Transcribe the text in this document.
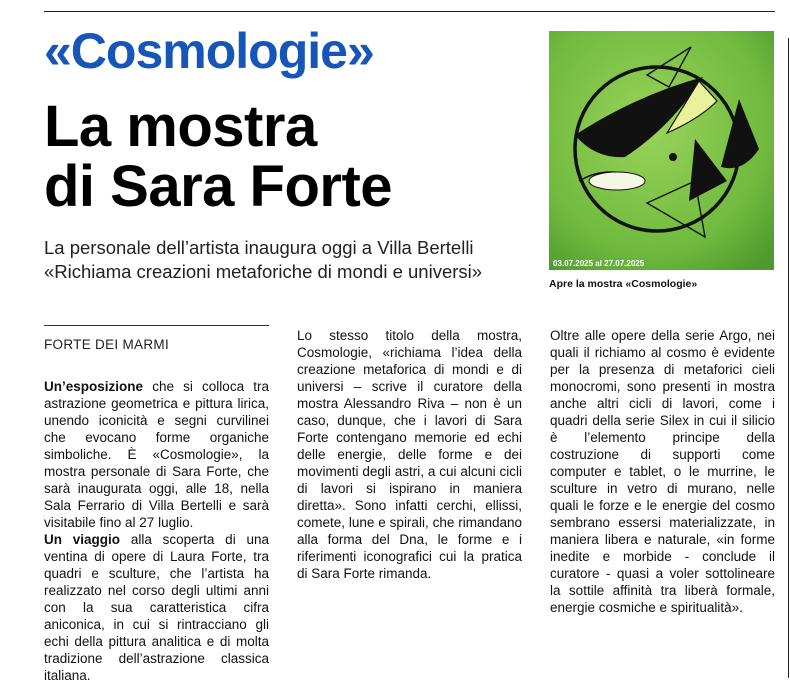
«Cosmologie»
La mostra
di Sara Forte
La personale dell’artista inaugura oggi a Villa Bertelli
«Richiama creazioni metaforiche di mondi e universi»	03.07.2025 al 27.07.2025
Apre la mostra «Cosmologie»
FORTE DEI MARMI

Un’esposizione che si colloca tra astrazione geometrica e pittura lirica, unendo iconicità e segni curvilinei che evocano forme organiche simboliche. È «Cosmologie», la mostra personale di Sara Forte, che sarà inaugurata oggi, alle 18, nella Sala Ferrario di Villa Bertelli e sarà visitabile fino al 27 luglio.

Un viaggio alla scoperta di una ventina di opere di Laura Forte, tra quadri e sculture, che l’artista ha realizzato nel corso degli ultimi anni con la sua caratteristica cifra aniconica, in cui si rintracciano gli echi della pittura analitica e di molta tradizione dell’astrazione classica italiana.

Lo stesso titolo della mostra, Cosmologie, «richiama l’idea della creazione metaforica di mondi e di universi – scrive il curatore della mostra Alessandro Riva – non è un caso, dunque, che i lavori di Sara Forte contengano memorie ed echi delle energie, delle forme e dei movimenti degli astri, a cui alcuni cicli di lavori si ispirano in maniera diretta». Sono infatti cerchi, ellissi, comete, lune e spirali, che rimandano alla forma del Dna, le forme e i riferimenti iconografici cui la pratica di Sara Forte rimanda.

Oltre alle opere della serie Argo, nei quali il richiamo al cosmo è evidente per la presenza di metaforici cieli monocromi, sono presenti in mostra anche altri cicli di lavori, come i quadri della serie Silex in cui il silicio è l’elemento principe della costruzione di supporti come computer e tablet, o le murrine, le sculture in vetro di murano, nelle quali le forze e le energie del cosmo sembrano essersi materializzate, in maniera libera e naturale, «in forme inedite e morbide - conclude il curatore - quasi a voler sottolineare la sottile affinità tra liberà formale, energie cosmiche e spiritualità».
